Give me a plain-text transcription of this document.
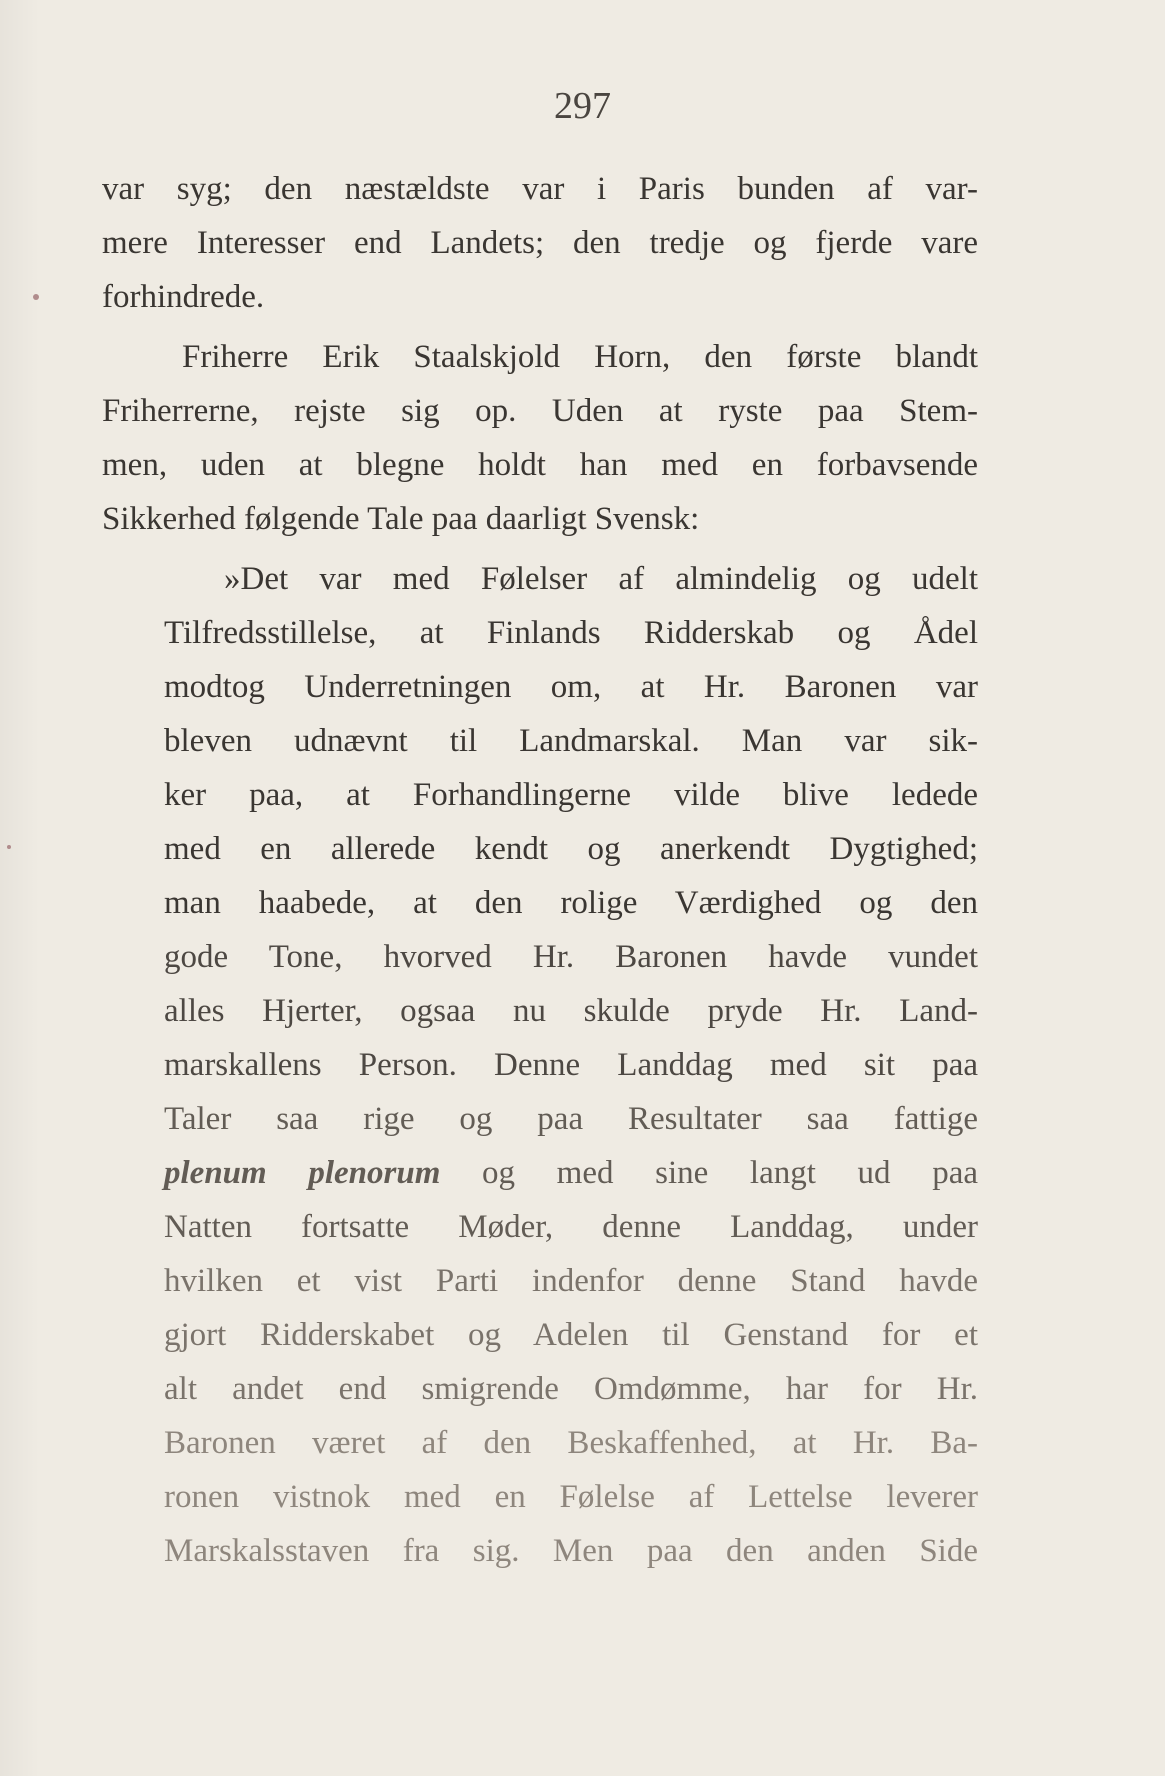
297
var syg; den næstældste var i Paris bunden af var-
mere Interesser end Landets; den tredje og fjerde vare
forhindrede.
Friherre Erik Staalskjold Horn, den første blandt
Friherrerne, rejste sig op. Uden at ryste paa Stem-
men, uden at blegne holdt han med en forbavsende
Sikkerhed følgende Tale paa daarligt Svensk:
»Det var med Følelser af almindelig og udelt
Tilfredsstillelse, at Finlands Ridderskab og Ådel
modtog Underretningen om, at Hr. Baronen var
bleven udnævnt til Landmarskal. Man var sik-
ker paa, at Forhandlingerne vilde blive ledede
med en allerede kendt og anerkendt Dygtighed;
man haabede, at den rolige Værdighed og den
gode Tone, hvorved Hr. Baronen havde vundet
alles Hjerter, ogsaa nu skulde pryde Hr. Land-
marskallens Person. Denne Landdag med sit paa
Taler saa rige og paa Resultater saa fattige
plenum plenorum og med sine langt ud paa
Natten fortsatte Møder, denne Landdag, under
hvilken et vist Parti indenfor denne Stand havde
gjort Ridderskabet og Adelen til Genstand for et
alt andet end smigrende Omdømme, har for Hr.
Baronen været af den Beskaffenhed, at Hr. Ba-
ronen vistnok med en Følelse af Lettelse leverer
Marskalsstaven fra sig. Men paa den anden Side
